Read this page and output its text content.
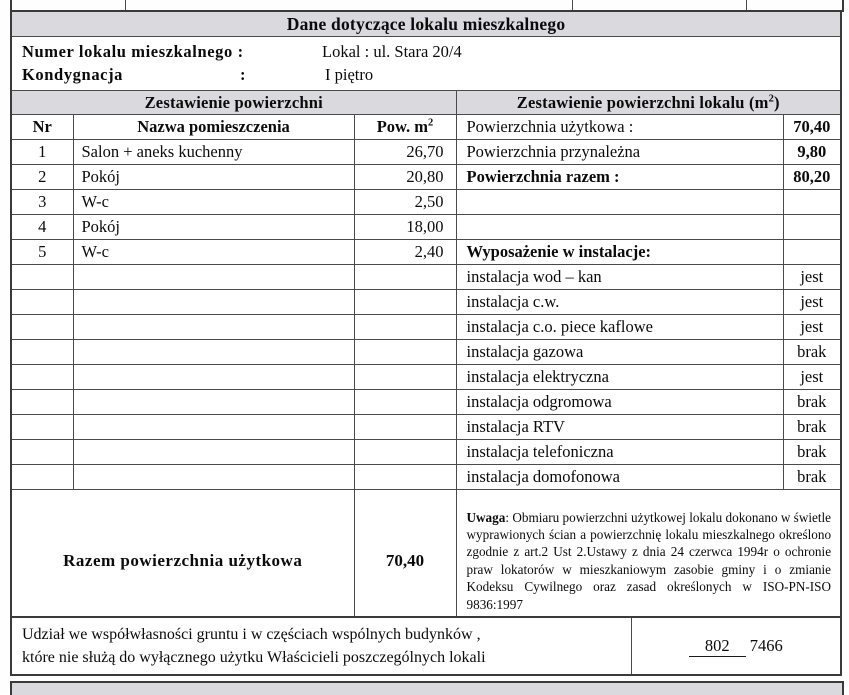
Dane dotyczące lokalu mieszkalnego				

Numer lokalu mieszkalnego : Lokal : ul. Stara 20/4
Kondygnacja : I piętro				

Zestawienie powierzchni			Zestawienie powierzchni lokalu $(m^2)$	
Nr	Nazwa pomieszczenia	Pow. $m^2$	Powierzchnia użytkowa :	70,40
1	Salon + aneks kuchenny	26,70	Powierzchnia przynależna	9,80
2	Pokój	20,80	Powierzchnia razem :	80,20
3	W-c	2,50		
4	Pokój	18,00		
5	W-c	2,40	Wyposażenie w instalacje:	
			instalacja wod – kan	jest
			instalacja c.w.	jest
			instalacja c.o. piece kaflowe	jest
			instalacja gazowa	brak
			instalacja elektryczna	jest
			instalacja odgromowa	brak
			instalacja RTV	brak
			instalacja telefoniczna	brak
			instalacja domofonowa	brak
Razem powierzchnia użytkowa		70,40	Uwaga: Obmiaru powierzchni użytkowej lokalu dokonano w świetle wyprawionych ścian a powierzchnię lokalu mieszkalnego określono zgodnie z art.2 Ust 2.Ustawy z dnia 24 czerwca 1994r o ochronie praw lokatorów w mieszkaniowym zasobie gminy i o zmianie Kodeksu Cywilnego oraz zasad określonych w ISO-PN-ISO 9836:1997	
Udział we współwłasności gruntu i w częściach wspólnych budynków ,
które nie służą do wyłącznego użytku Właścicieli poszczególnych lokali
	802 7466
